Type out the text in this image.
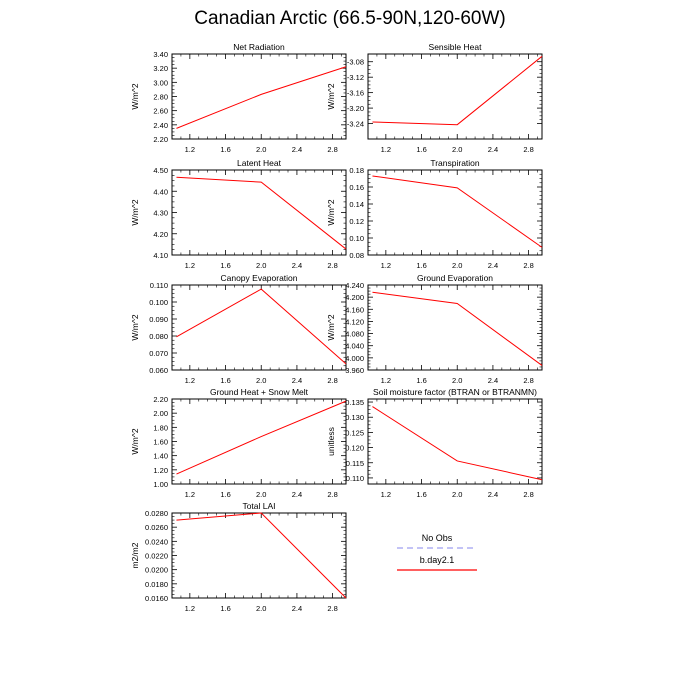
Canadian Arctic (66.5-90N,120-60W)
Net Radiation
W/m^2
1.2	1.6	2.0	2.4	2.8
2.20
2.40
2.60
2.80
3.00
3.20
3.40
Sensible Heat
W/m^2
1.2	1.6	2.0	2.4	2.8
-3.24
-3.20
-3.16
-3.12
-3.08
Latent Heat
W/m^2
1.2	1.6	2.0	2.4	2.8
4.10
4.20
4.30
4.40
4.50
Transpiration
W/m^2
1.2	1.6	2.0	2.4	2.8
0.08
0.10
0.12
0.14
0.16
0.18
Canopy Evaporation
W/m^2
1.2	1.6	2.0	2.4	2.8
0.060
0.070
0.080
0.090
0.100
0.110
Ground Evaporation
W/m^2
1.2	1.6	2.0	2.4	2.8
3.960
4.000
4.040
4.080
4.120
4.160
4.200
4.240
Ground Heat + Snow Melt
W/m^2
1.2	1.6	2.0	2.4	2.8
1.00
1.20
1.40
1.60
1.80
2.00
2.20
Soil moisture factor (BTRAN or BTRANMN)
unitless
1.2	1.6	2.0	2.4	2.8
0.110
0.115
0.120
0.125
0.130
0.135
Total LAI
m2/m2
1.2	1.6	2.0	2.4	2.8
0.0160
0.0180
0.0200
0.0220
0.0240
0.0260
0.0280
No Obs
b.day2.1
